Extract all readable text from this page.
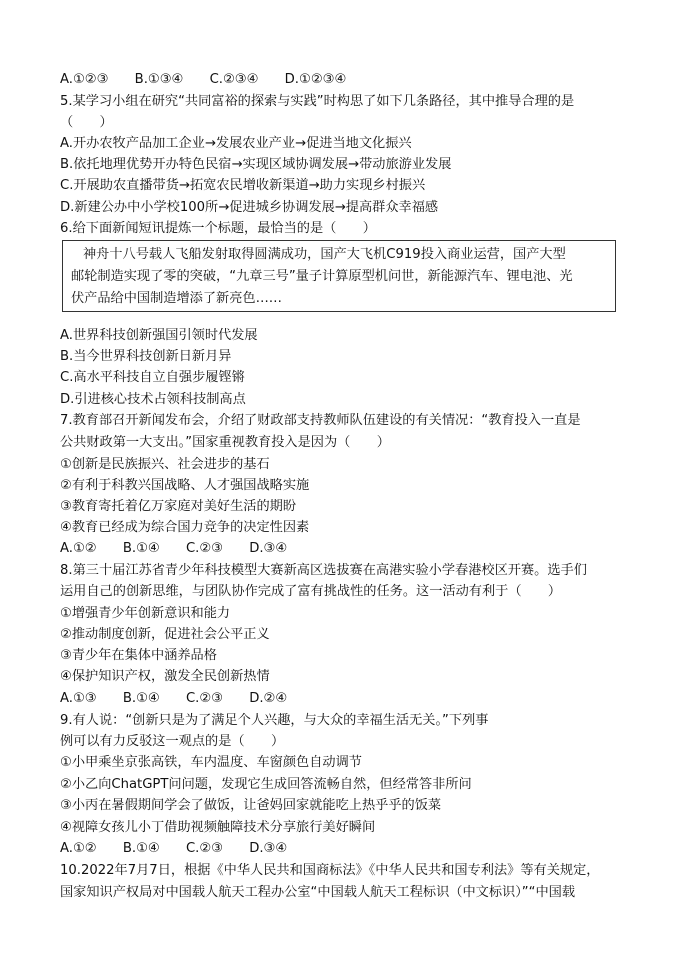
A.①②③ B.①③④ C.②③④ D.①②③④
5.某学习小组在研究“共同富裕的探索与实践”时构思了如下几条路径，其中推导合理的是
（　　）
A.开办农牧产品加工企业→发展农业产业→促进当地文化振兴
B.依托地理优势开办特色民宿→实现区域协调发展→带动旅游业发展
C.开展助农直播带货→拓宽农民增收新渠道→助力实现乡村振兴
D.新建公办中小学校100所→促进城乡协调发展→提高群众幸福感
6.给下面新闻短讯提炼一个标题，最恰当的是（　　）
神舟十八号载人飞船发射取得圆满成功，国产大飞机C919投入商业运营，国产大型
邮轮制造实现了零的突破，“九章三号”量子计算原型机问世，新能源汽车、锂电池、光
伏产品给中国制造增添了新亮色……
A.世界科技创新强国引领时代发展
B.当今世界科技创新日新月异
C.高水平科技自立自强步履铿锵
D.引进核心技术占领科技制高点
7.教育部召开新闻发布会，介绍了财政部支持教师队伍建设的有关情况：“教育投入一直是
公共财政第一大支出。”国家重视教育投入是因为（　　）
①创新是民族振兴、社会进步的基石
②有利于科教兴国战略、人才强国战略实施
③教育寄托着亿万家庭对美好生活的期盼
④教育已经成为综合国力竞争的决定性因素
A.①② B.①④ C.②③ D.③④
8.第三十届江苏省青少年科技模型大赛新高区选拔赛在高港实验小学春港校区开赛。选手们
运用自己的创新思维，与团队协作完成了富有挑战性的任务。这一活动有利于（　　）
①增强青少年创新意识和能力
②推动制度创新，促进社会公平正义
③青少年在集体中涵养品格
④保护知识产权，激发全民创新热情
A.①③ B.①④ C.②③ D.②④
9.有人说：“创新只是为了满足个人兴趣，与大众的幸福生活无关。”下列事
例可以有力反驳这一观点的是（　　）
①小甲乘坐京张高铁，车内温度、车窗颜色自动调节
②小乙向ChatGPT问问题，发现它生成回答流畅自然，但经常答非所问
③小丙在暑假期间学会了做饭，让爸妈回家就能吃上热乎乎的饭菜
④视障女孩儿小丁借助视频触障技术分享旅行美好瞬间
A.①② B.①④ C.②③ D.③④
10.2022年7月7日，根据《中华人民共和国商标法》《中华人民共和国专利法》等有关规定，
国家知识产权局对中国载人航天工程办公室“中国载人航天工程标识（中文标识）”“中国载
